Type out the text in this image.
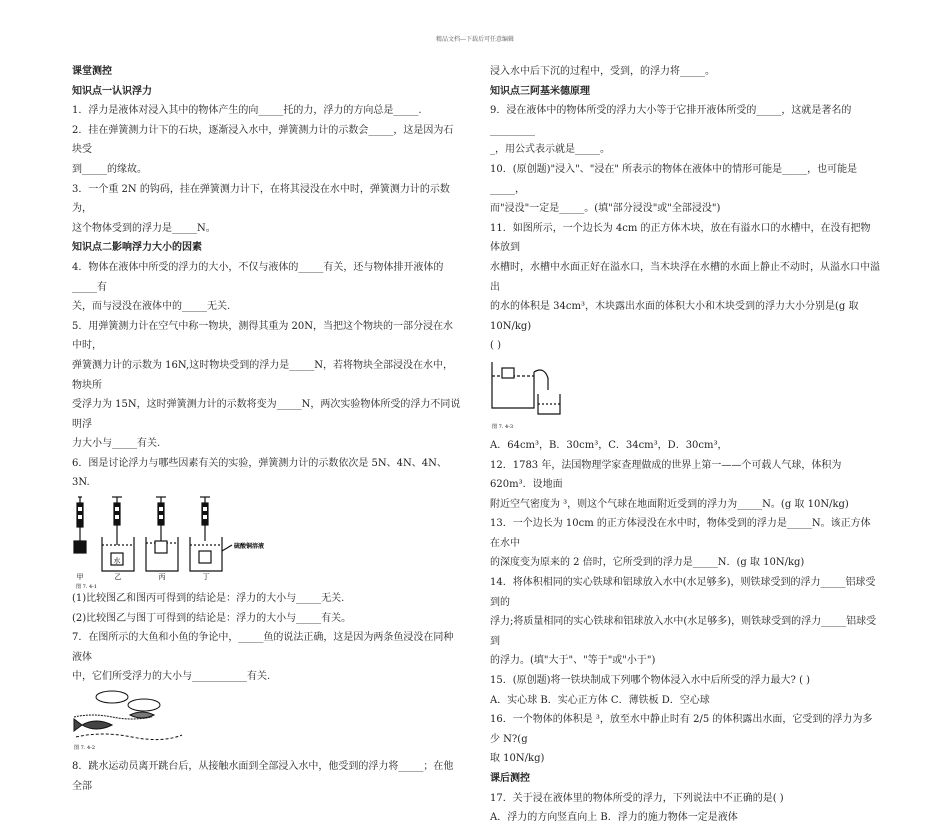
精品文档---下载后可任意编辑

课堂测控

知识点一认识浮力

1．浮力是液体对浸入其中的物体产生的向_____托的力，浮力的方向总是_____.

2．挂在弹簧测力计下的石块，逐渐浸入水中，弹簧测力计的示数会_____，这是因为石块受

到_____的缘故。

3．一个重 2N 的钩码，挂在弹簧测力计下，在将其浸没在水中时，弹簧测力计的示数为，

这个物体受到的浮力是_____N。

知识点二影响浮力大小的因素

4．物体在液体中所受的浮力的大小，不仅与液体的_____有关，还与物体排开液体的_____有

关，而与浸没在液体中的_____无关.

5．用弹簧测力计在空气中称一物块，测得其重为 20N，当把这个物块的一部分浸在水中时，

弹簧测力计的示数为 16N,这时物块受到的浮力是_____N，若将物块全部浸没在水中，物块所

受浮力为 15N，这时弹簧测力计的示数将变为_____N，两次实验物体所受的浮力不同说明浮

力大小与_____有关.

6．图是讨论浮力与哪些因素有关的实验，弹簧测力计的示数依次是 5N、4N、4N、3N.

水
硫酸铜溶液
甲	乙	丙	丁
图 7. 4-1

(1)比较图乙和图丙可得到的结论是：浮力的大小与_____无关.

(2)比较图乙与图丁可得到的结论是：浮力的大小与_____有关。

7．在图所示的大鱼和小鱼的争论中，_____鱼的说法正确，这是因为两条鱼浸没在同种液体

中，它们所受浮力的大小与___________有关.

图 7. 4-2

8．跳水运动员离开跳台后，从接触水面到全部浸入水中，他受到的浮力将_____；在他全部

浸入水中后下沉的过程中，受到，的浮力将_____。

知识点三阿基米德原理

9．浸在液体中的物体所受的浮力大小等于它排开液体所受的_____，这就是著名的_________

_，用公式表示就是_____。

10．(原创题)"浸入"、"浸在" 所表示的物体在液体中的情形可能是_____，也可能是_____，

而"浸没"一定是_____。(填"部分浸没"或"全部浸没")

11．如图所示，一个边长为 4cm 的正方体木块，放在有溢水口的水槽中，在没有把物体放到

水槽时，水槽中水面正好在溢水口，当木块浮在水槽的水面上静止不动时，从溢水口中溢出

的水的体积是 34cm³，木块露出水面的体积大小和木块受到的浮力大小分别是(g 取 10N/kg)

( )

图 7. 4-3

A．64cm³，B．30cm³，C．34cm³，D．30cm³，

12．1783 年，法国物理学家查理做成的世界上第一——个可载人气球，体积为 620m³．设地面

附近空气密度为 ³，则这个气球在地面附近受到的浮力为_____N。(g 取 10N/kg)

13．一个边长为 10cm 的正方体浸没在水中时，物体受到的浮力是_____N。该正方体在水中

的深度变为原来的 2 倍时，它所受到的浮力是_____N．(g 取 10N/kg)

14．将体积相同的实心铁球和铝球放入水中(水足够多)，则铁球受到的浮力_____铝球受到的

浮力;将质量相同的实心铁球和铝球放入水中(水足够多)，则铁球受到的浮力_____铝球受到

的浮力。(填"大于"、"等于"或"小于")

15．(原创题)将一铁块制成下列哪个物体浸入水中后所受的浮力最大? ( )

A．实心球 B．实心正方体 C．薄铁板 D．空心球

16．一个物体的体积是 ³，放至水中静止时有 2/5 的体积露出水面，它受到的浮力为多少 N?(g

取 10N/kg)

课后测控

17．关于浸在液体里的物体所受的浮力，下列说法中不正确的是( )

A．浮力的方向竖直向上 B．浮力的施力物体一定是液体
